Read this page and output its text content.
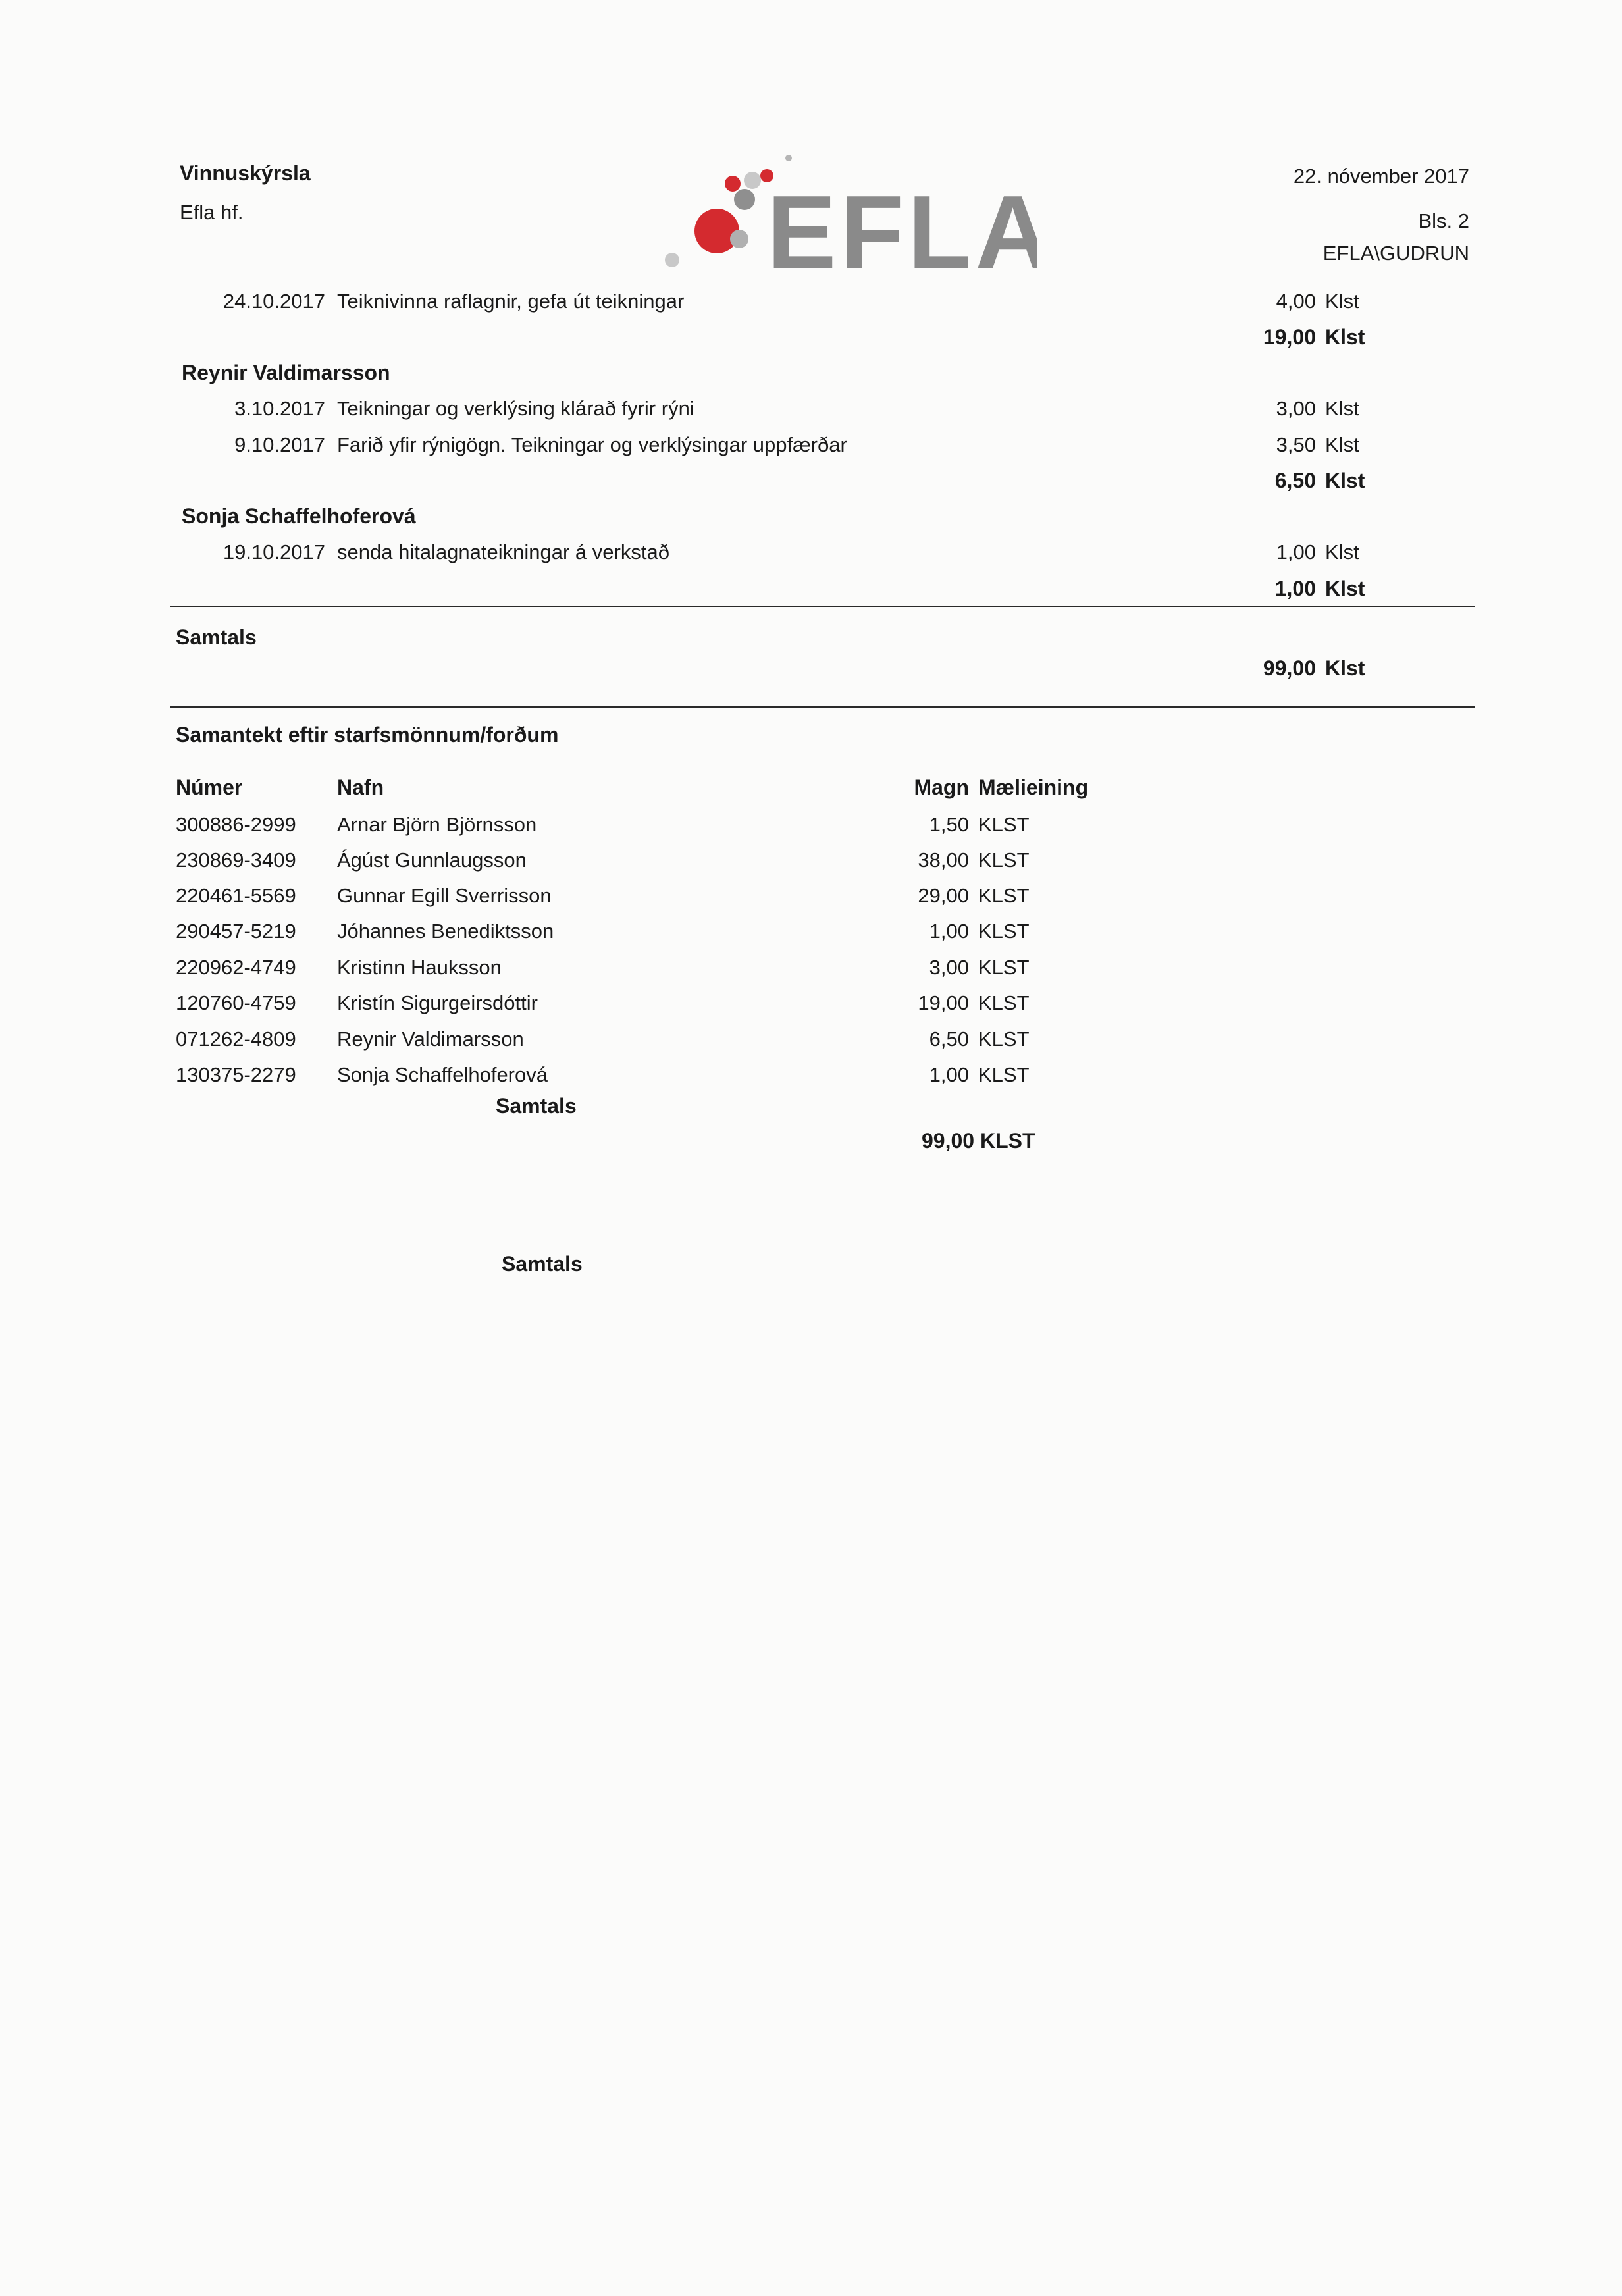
Vinnuskýrsla
Efla hf.	EFLA	22. nóvember 2017
Bls. 2
EFLA\GUDRUN
24.10.2017 Teiknivinna raflagnir, gefa út teikningar	4,00 Klst
19,00 Klst
Reynir Valdimarsson
3.10.2017 Teikningar og verklýsing klárað fyrir rýni	3,00 Klst
9.10.2017 Farið yfir rýnigögn. Teikningar og verklýsingar uppfærðar	3,50 Klst
6,50 Klst
Sonja Schaffelhoferová
19.10.2017 senda hitalagnateikningar á verkstað	1,00 Klst
1,00 Klst
Samtals
99,00 Klst
Samantekt eftir starfsmönnum/forðum
Númer	Nafn	Magn Mælieining
300886-2999 Arnar Björn Björnsson	1,50 KLST
230869-3409 Ágúst Gunnlaugsson	38,00 KLST
220461-5569 Gunnar Egill Sverrisson	29,00 KLST
290457-5219 Jóhannes Benediktsson	1,00 KLST
220962-4749 Kristinn Hauksson	3,00 KLST
120760-4759 Kristín Sigurgeirsdóttir	19,00 KLST
071262-4809 Reynir Valdimarsson	6,50 KLST
130375-2279 Sonja Schaffelhoferová	1,00 KLST
Samtals
99,00 KLST
Samtals
